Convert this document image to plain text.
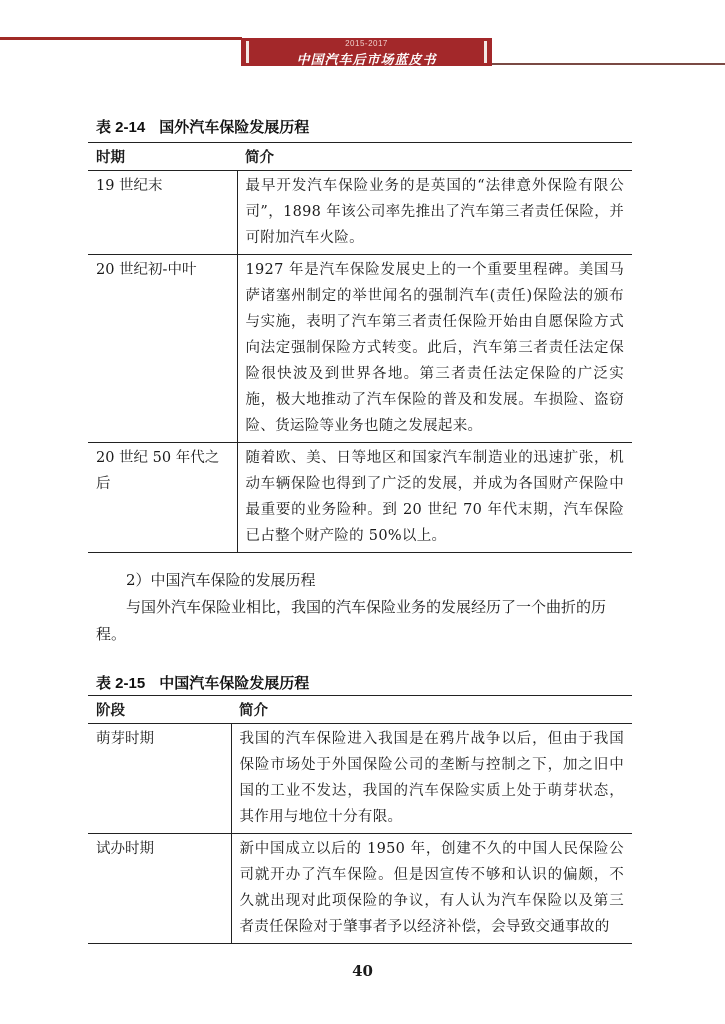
2015-2017
中国汽车后市场蓝皮书
表 2-14 国外汽车保险发展历程
时期	简介
19 世纪末	最早开发汽车保险业务的是英国的“法律意外保险有限公司”，1898 年该公司率先推出了汽车第三者责任保险，并可附加汽车火险。
20 世纪初-中叶	1927 年是汽车保险发展史上的一个重要里程碑。美国马萨诸塞州制定的举世闻名的强制汽车(责任)保险法的颁布与实施，表明了汽车第三者责任保险开始由自愿保险方式向法定强制保险方式转变。此后，汽车第三者责任法定保险很快波及到世界各地。第三者责任法定保险的广泛实施，极大地推动了汽车保险的普及和发展。车损险、盗窃险、货运险等业务也随之发展起来。
20 世纪 50 年代之后	随着欧、美、日等地区和国家汽车制造业的迅速扩张，机动车辆保险也得到了广泛的发展，并成为各国财产保险中最重要的业务险种。到 20 世纪 70 年代末期，汽车保险已占整个财产险的 50%以上。
2）中国汽车保险的发展历程
与国外汽车保险业相比，我国的汽车保险业务的发展经历了一个曲折的历程。
表 2-15 中国汽车保险发展历程
阶段	简介
萌芽时期	我国的汽车保险进入我国是在鸦片战争以后，但由于我国保险市场处于外国保险公司的垄断与控制之下，加之旧中国的工业不发达，我国的汽车保险实质上处于萌芽状态，其作用与地位十分有限。
试办时期	新中国成立以后的 1950 年，创建不久的中国人民保险公司就开办了汽车保险。但是因宣传不够和认识的偏颇，不久就出现对此项保险的争议，有人认为汽车保险以及第三者责任保险对于肇事者予以经济补偿，会导致交通事故的
40
